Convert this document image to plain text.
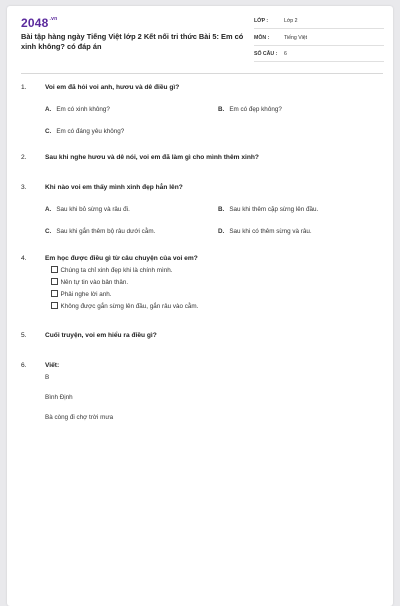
$2048^{.vn}$
Bài tập hàng ngày Tiếng Việt lớp 2 Kết nối tri thức Bài 5: Em có xinh không? có đáp án
LỚP :	Lớp 2
MÔN :	Tiếng Việt
SỐ CÂU : 6
1.	Voi em đã hỏi voi anh, hươu và dê điều gì?
A. Em có xinh không?	B. Em có đẹp không?
C. Em có đáng yêu không?
2.	Sau khi nghe hươu và dê nói, voi em đã làm gì cho mình thêm xinh?
3.	Khi nào voi em thấy mình xinh đẹp hẳn lên?
A. Sau khi bỏ sừng và râu đi.	B. Sau khi thêm cặp sừng lên đầu.
C. Sau khi gắn thêm bộ râu dưới cằm.	D. Sau khi có thêm sừng và râu.
4.	Em học được điều gì từ câu chuyện của voi em?
Chúng ta chỉ xinh đẹp khi là chính mình.
Nên tự tin vào bản thân.
Phải nghe lời anh.
Không được gắn sừng lên đầu, gắn râu vào cằm.
5.	Cuối truyện, voi em hiểu ra điều gì?
6.	Viết:
B
Bình Định
Bà còng đi chợ trời mưa
